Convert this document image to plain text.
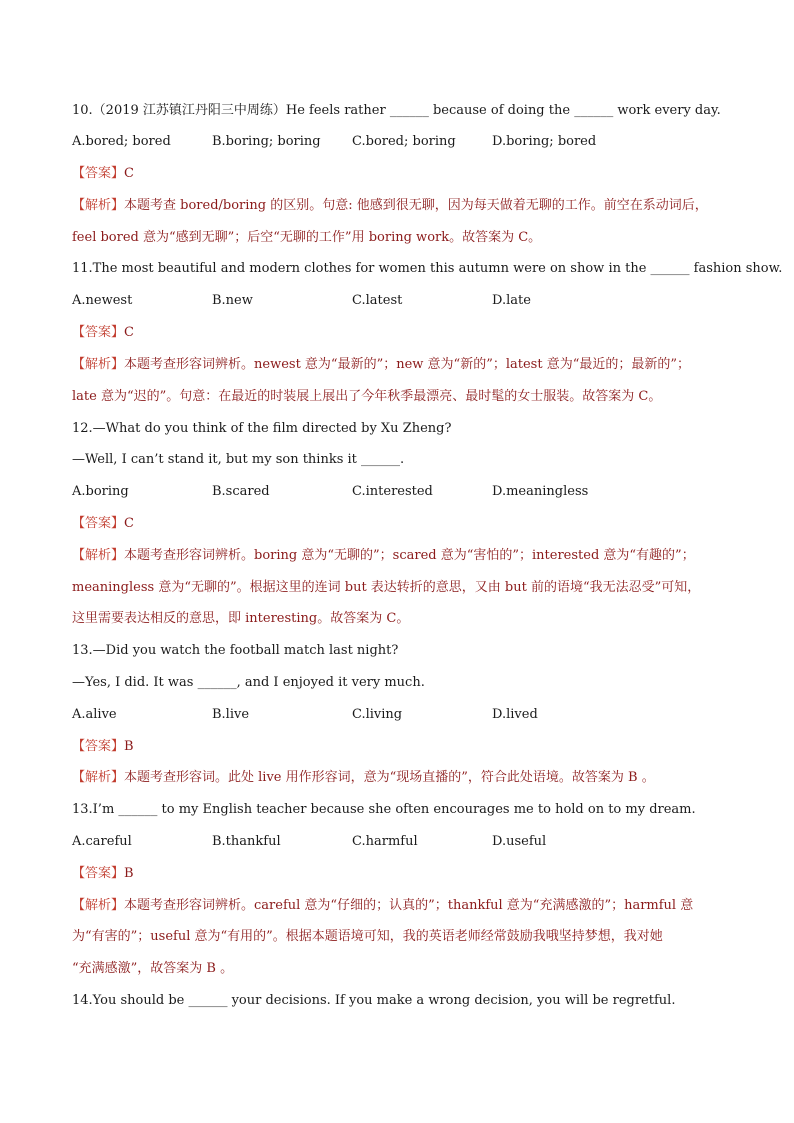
10.（2019 江苏镇江丹阳三中周练）He feels rather ______ because of doing the ______ work every day.
A.bored; bored	B.boring; boring C.bored; boring	D.boring; bored
【答案】C
【解析】本题考查 bored/boring 的区别。句意: 他感到很无聊，因为每天做着无聊的工作。前空在系动词后，
feel bored 意为“感到无聊”；后空“无聊的工作”用 boring work。故答案为 C。
11.The most beautiful and modern clothes for women this autumn were on show in the ______ fashion show.
A.newest	B.new	C.latest	D.late
【答案】C
【解析】本题考查形容词辨析。newest 意为“最新的”；new 意为“新的”；latest 意为“最近的；最新的”；
late 意为“迟的”。句意：在最近的时装展上展出了今年秋季最漂亮、最时髦的女士服装。故答案为 C。
12.—What do you think of the film directed by Xu Zheng?
—Well, I can’t stand it, but my son thinks it ______.
A.boring	B.scared	C.interested	D.meaningless
【答案】C
【解析】本题考查形容词辨析。boring 意为“无聊的”；scared 意为“害怕的”；interested 意为“有趣的”；
meaningless 意为“无聊的”。根据这里的连词 but 表达转折的意思，又由 but 前的语境“我无法忍受”可知，
这里需要表达相反的意思，即 interesting。故答案为 C。
13.—Did you watch the football match last night?
—Yes, I did. It was ______, and I enjoyed it very much.
A.alive	B.live	C.living	D.lived
【答案】B
【解析】本题考查形容词。此处 live 用作形容词，意为“现场直播的”，符合此处语境。故答案为 B 。
13.I’m ______ to my English teacher because she often encourages me to hold on to my dream.
A.careful	B.thankful	C.harmful	D.useful
【答案】B
【解析】本题考查形容词辨析。careful 意为“仔细的；认真的”；thankful 意为“充满感激的”；harmful 意
为“有害的”；useful 意为“有用的”。根据本题语境可知，我的英语老师经常鼓励我哦坚持梦想，我对她
“充满感激”，故答案为 B 。
14.You should be ______ your decisions. If you make a wrong decision, you will be regretful.
